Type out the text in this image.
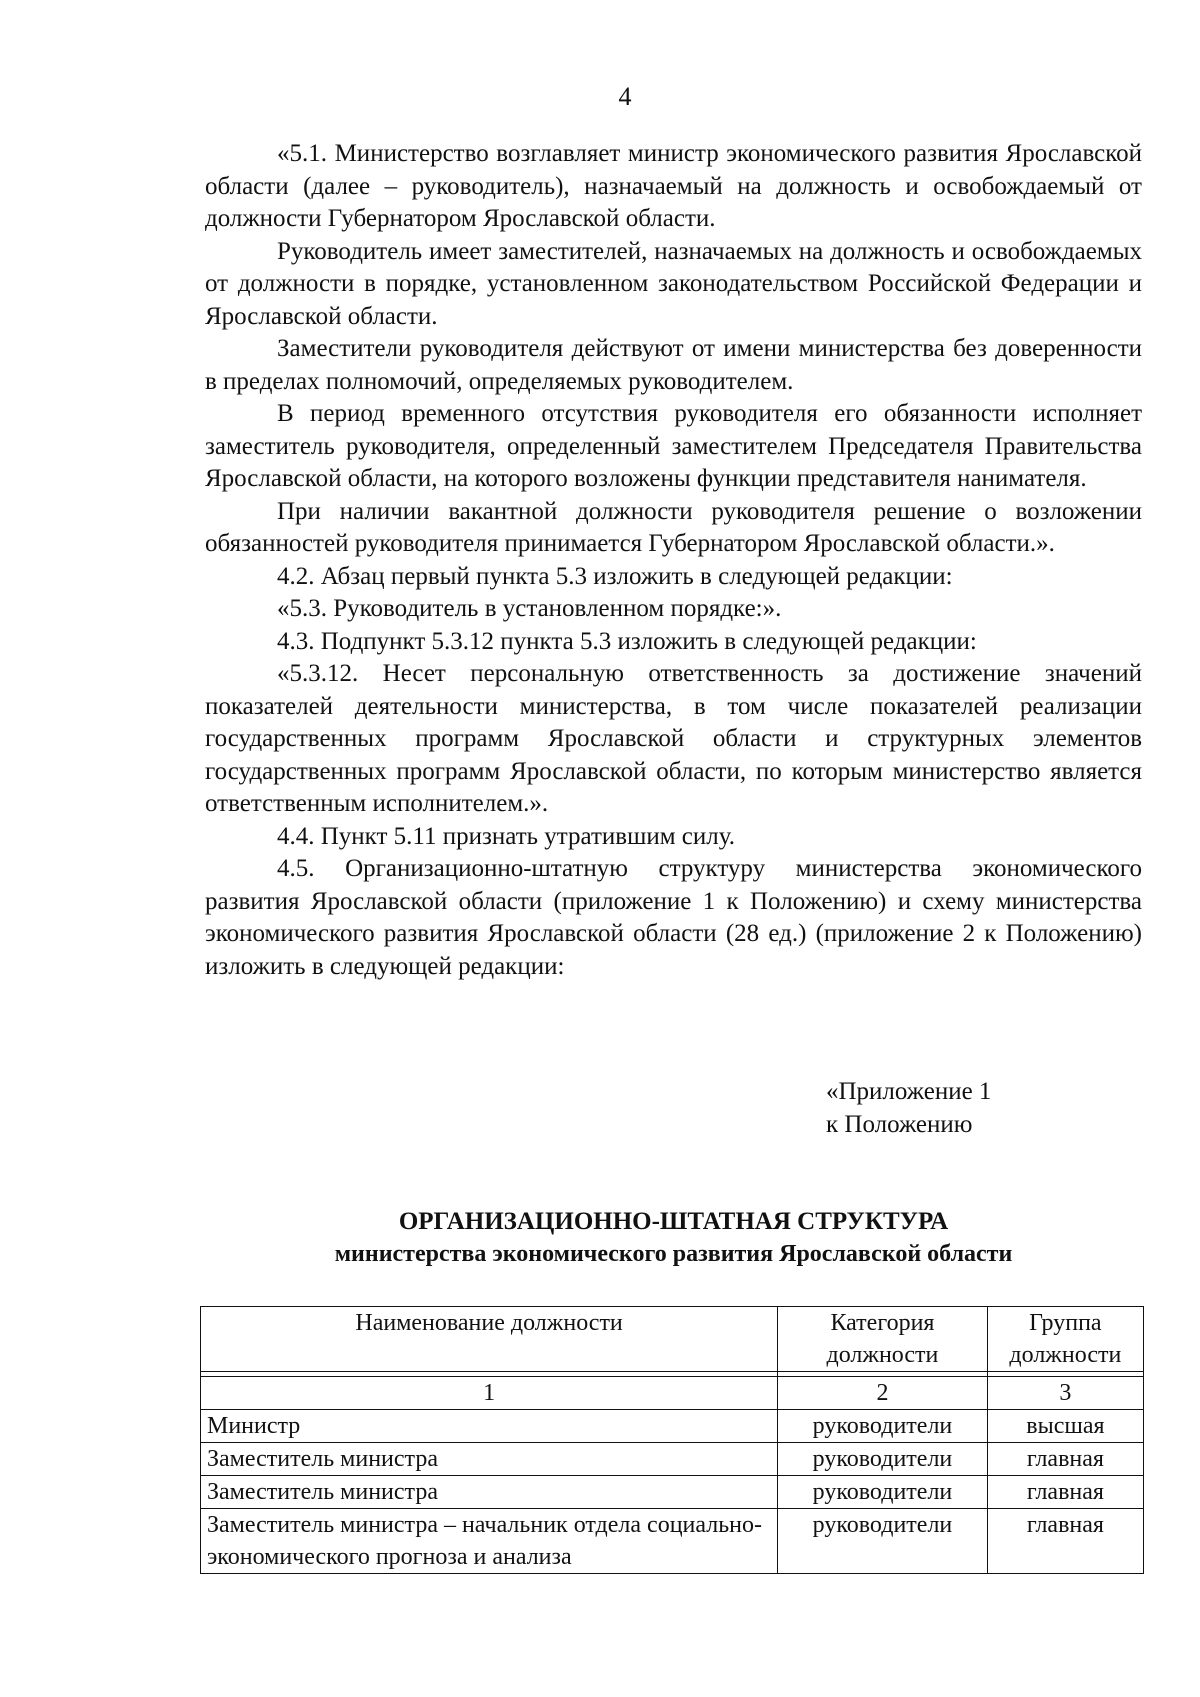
4

«5.1. Министерство возглавляет министр экономического развития Ярославской области (далее – руководитель), назначаемый на должность и освобождаемый от должности Губернатором Ярославской области.

Руководитель имеет заместителей, назначаемых на должность и освобождаемых от должности в порядке, установленном законодательством Российской Федерации и Ярославской области.

Заместители руководителя действуют от имени министерства без доверенности в пределах полномочий, определяемых руководителем.

В период временного отсутствия руководителя его обязанности исполняет заместитель руководителя, определенный заместителем Председателя Правительства Ярославской области, на которого возложены функции представителя нанимателя.

При наличии вакантной должности руководителя решение о возложении обязанностей руководителя принимается Губернатором Ярославской области.».

4.2. Абзац первый пункта 5.3 изложить в следующей редакции:

«5.3. Руководитель в установленном порядке:».

4.3. Подпункт 5.3.12 пункта 5.3 изложить в следующей редакции:

«5.3.12. Несет персональную ответственность за достижение значений показателей деятельности министерства, в том числе показателей реализации государственных программ Ярославской области и структурных элементов государственных программ Ярославской области, по которым министерство является ответственным исполнителем.».

4.4. Пункт 5.11 признать утратившим силу.

4.5. Организационно-штатную структуру министерства экономического развития Ярославской области (приложение 1 к Положению) и схему министерства экономического развития Ярославской области (28 ед.) (приложение 2 к Положению) изложить в следующей редакции:

«Приложение 1
к Положению
ОРГАНИЗАЦИОННО-ШТАТНАЯ СТРУКТУРА
министерства экономического развития Ярославской области
Наименование должности	Категория должности	Группа должности

1	2	3
Министр	руководители	высшая
Заместитель министра	руководители	главная
Заместитель министра	руководители	главная
Заместитель министра – начальник отдела социально-экономического прогноза и анализа	руководители	главная
